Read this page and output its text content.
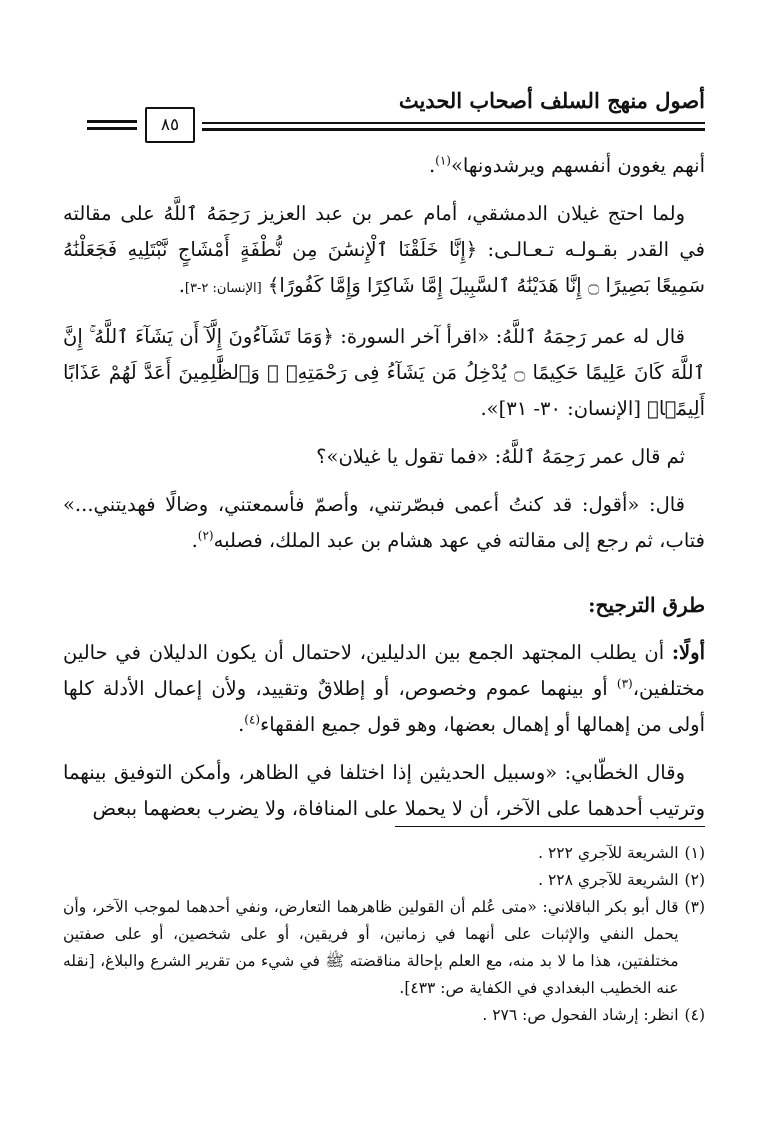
أصول منهج السلف أصحاب الحديث
٨٥

أنهم يغوون أنفسهم ويرشدونها»$^{(١)}$.

ولما احتج غيلان الدمشقي، أمام عمر بن عبد العزيز رَحِمَهُ ٱللَّهُ على مقالته في القدر بقـولـه تـعـالـى: ﴿إِنَّا خَلَقْنَا ٱلْإِنسَٰنَ مِن نُّطْفَةٍ أَمْشَاجٍ نَّبْتَلِيهِ فَجَعَلْنَٰهُ سَمِيعًا بَصِيرًا ۝ إِنَّا هَدَيْنَٰهُ ٱلسَّبِيلَ إِمَّا شَاكِرًا وَإِمَّا كَفُورًا﴾ [الإنسان: ٢-٣].

قال له عمر رَحِمَهُ ٱللَّهُ: «اقرأ آخر السورة: ﴿وَمَا تَشَآءُونَ إِلَّآ أَن يَشَآءَ ٱللَّهُ ۚ إِنَّ ٱللَّهَ كَانَ عَلِيمًا حَكِيمًا ۝ يُدْخِلُ مَن يَشَآءُ فِى رَحْمَتِهِۦ ۚ وَٱلظَّٰلِمِينَ أَعَدَّ لَهُمْ عَذَابًا أَلِيمًۢا﴾ [الإنسان: ٣٠- ٣١]».

ثم قال عمر رَحِمَهُ ٱللَّهُ: «فما تقول يا غيلان»؟

قال: «أقول: قد كنتُ أعمى فبصّرتني، وأصمّ فأسمعتني، وضالًا فهديتني...» فتاب، ثم رجع إلى مقالته في عهد هشام بن عبد الملك، فصلبه$^{(٢)}$.

طرق الترجيح:

أولًا: أن يطلب المجتهد الجمع بين الدليلين، لاحتمال أن يكون الدليلان في حالين مختلفين،$^{(٣)}$ أو بينهما عموم وخصوص، أو إطلاقٌ وتقييد، ولأن إعمال الأدلة كلها أولى من إهمالها أو إهمال بعضها، وهو قول جميع الفقهاء$^{(٤)}$.

وقال الخطّابي: «وسبيل الحديثين إذا اختلفا في الظاهر، وأمكن التوفيق بينهما وترتيب أحدهما على الآخر، أن لا يحملا على المنافاة، ولا يضرب بعضهما ببعض

(١)
الشريعة للآجري ٢٢٢ .
(٢)
الشريعة للآجري ٢٢٨ .
(٣)
قال أبو بكر الباقلاني: «متى عُلم أن القولين ظاهرهما التعارض، ونفي أحدهما لموجب الآخر، وأن يحمل النفي والإثبات على أنهما في زمانين، أو فريقين، أو على شخصين، أو على صفتين مختلفتين، هذا ما لا بد منه، مع العلم بإحالة مناقضته ﷺ في شيء من تقرير الشرع والبلاغ، [نقله عنه الخطيب البغدادي في الكفاية ص: ٤٣٣].
(٤)
انظر: إرشاد الفحول ص: ٢٧٦ .
